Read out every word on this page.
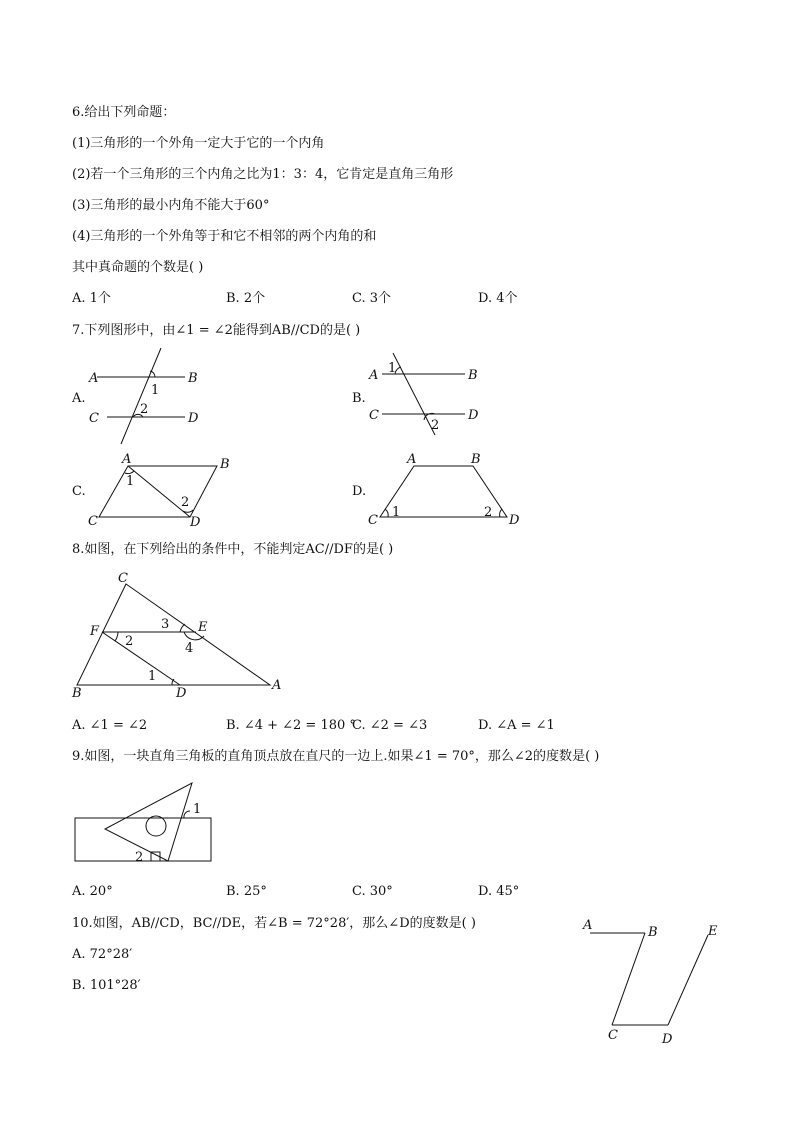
6.给出下列命题：
(1)三角形的一个外角一定大于它的一个内角
(2)若一个三角形的三个内角之比为1：3：4，它肯定是直角三角形
(3)三角形的最小内角不能大于60°
(4)三角形的一个外角等于和它不相邻的两个内角的和
其中真命题的个数是( )
A. 1个	B. 2个	C. 3个	D. 4个
7.下列图形中，由∠1 = ∠2能得到AB//CD的是( )
A.
A	B
C	D
1
2
B.
A	B
C	D
1
2
C.
A	B
C	D
1
2
D.
A	B
C	D
1	2
8.如图，在下列给出的条件中，不能判定AC//DF的是( )
C
F	E
B	D
A
1
2
3
4
A. ∠1 = ∠2	B. ∠4 + ∠2 = 180 °
C. ∠2 = ∠3	D. ∠A = ∠1
9.如图，一块直角三角板的直角顶点放在直尺的一边上.如果∠1 = 70°，那么∠2的度数是( )
1
2
A. 20°	B. 25°	C. 30°	D. 45°
10.如图，AB//CD，BC//DE，若∠B = 72°28′，那么∠D的度数是( )
A. 72°28′
B. 101°28′
A	B
C	D
E
